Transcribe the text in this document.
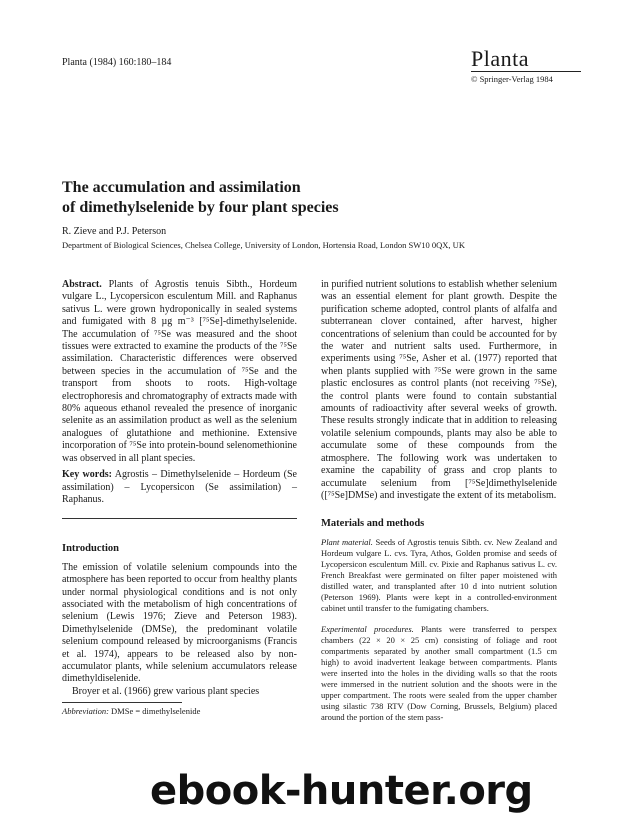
Planta (1984) 160:180–184	Planta
© Springer-Verlag 1984
The accumulation and assimilation
of dimethylselenide by four plant species
R. Zieve and P.J. Peterson
Department of Biological Sciences, Chelsea College, University of London, Hortensia Road, London SW10 0QX, UK

Abstract. Plants of Agrostis tenuis Sibth., Hordeum vulgare L., Lycopersicon esculentum Mill. and Raphanus sativus L. were grown hydroponically in sealed systems and fumigated with 8 µg m⁻³ [⁷⁵Se]-dimethylselenide. The accumulation of ⁷⁵Se was measured and the shoot tissues were extracted to examine the products of the ⁷⁵Se assimilation. Characteristic differences were observed between species in the accumulation of ⁷⁵Se and the transport from shoots to roots. High-voltage electrophoresis and chromatography of extracts made with 80% aqueous ethanol revealed the presence of inorganic selenite as an assimilation product as well as the selenium analogues of glutathione and methionine. Extensive incorporation of ⁷⁵Se into protein-bound selenomethionine was observed in all plant species.

Key words: Agrostis – Dimethylselenide – Hordeum (Se assimilation) – Lycopersicon (Se assimilation) – Raphanus.

Introduction

The emission of volatile selenium compounds into the atmosphere has been reported to occur from healthy plants under normal physiological conditions and is not only associated with the metabolism of high concentrations of selenium (Lewis 1976; Zieve and Peterson 1983). Dimethylselenide (DMSe), the predominant volatile selenium compound released by microorganisms (Francis et al. 1974), appears to be released also by non-accumulator plants, while selenium accumulators release dimethyldiselenide.

Broyer et al. (1966) grew various plant species

Abbreviation: DMSe = dimethylselenide

in purified nutrient solutions to establish whether selenium was an essential element for plant growth. Despite the purification scheme adopted, control plants of alfalfa and subterranean clover contained, after harvest, higher concentrations of selenium than could be accounted for by the water and nutrient salts used. Furthermore, in experiments using ⁷⁵Se, Asher et al. (1977) reported that when plants supplied with ⁷⁵Se were grown in the same plastic enclosures as control plants (not receiving ⁷⁵Se), the control plants were found to contain substantial amounts of radioactivity after several weeks of growth. These results strongly indicate that in addition to releasing volatile selenium compounds, plants may also be able to accumulate some of these compounds from the atmosphere. The following work was undertaken to examine the capability of grass and crop plants to accumulate selenium from [⁷⁵Se]dimethylselenide ([⁷⁵Se]DMSe) and investigate the extent of its metabolism.

Materials and methods

Plant material. Seeds of Agrostis tenuis Sibth. cv. New Zealand and Hordeum vulgare L. cvs. Tyra, Athos, Golden promise and seeds of Lycopersicon esculentum Mill. cv. Pixie and Raphanus sativus L. cv. French Breakfast were germinated on filter paper moistened with distilled water, and transplanted after 10 d into nutrient solution (Peterson 1969). Plants were kept in a controlled-environment cabinet until transfer to the fumigating chambers.

Experimental procedures. Plants were transferred to perspex chambers (22 × 20 × 25 cm) consisting of foliage and root compartments separated by another small compartment (1.5 cm high) to avoid inadvertent leakage between compartments. Plants were inserted into the holes in the dividing walls so that the roots were immersed in the nutrient solution and the shoots were in the upper compartment. The roots were sealed from the upper chamber using silastic 738 RTV (Dow Corning, Brussels, Belgium) placed around the portion of the stem pass-

ebook-hunter.org
